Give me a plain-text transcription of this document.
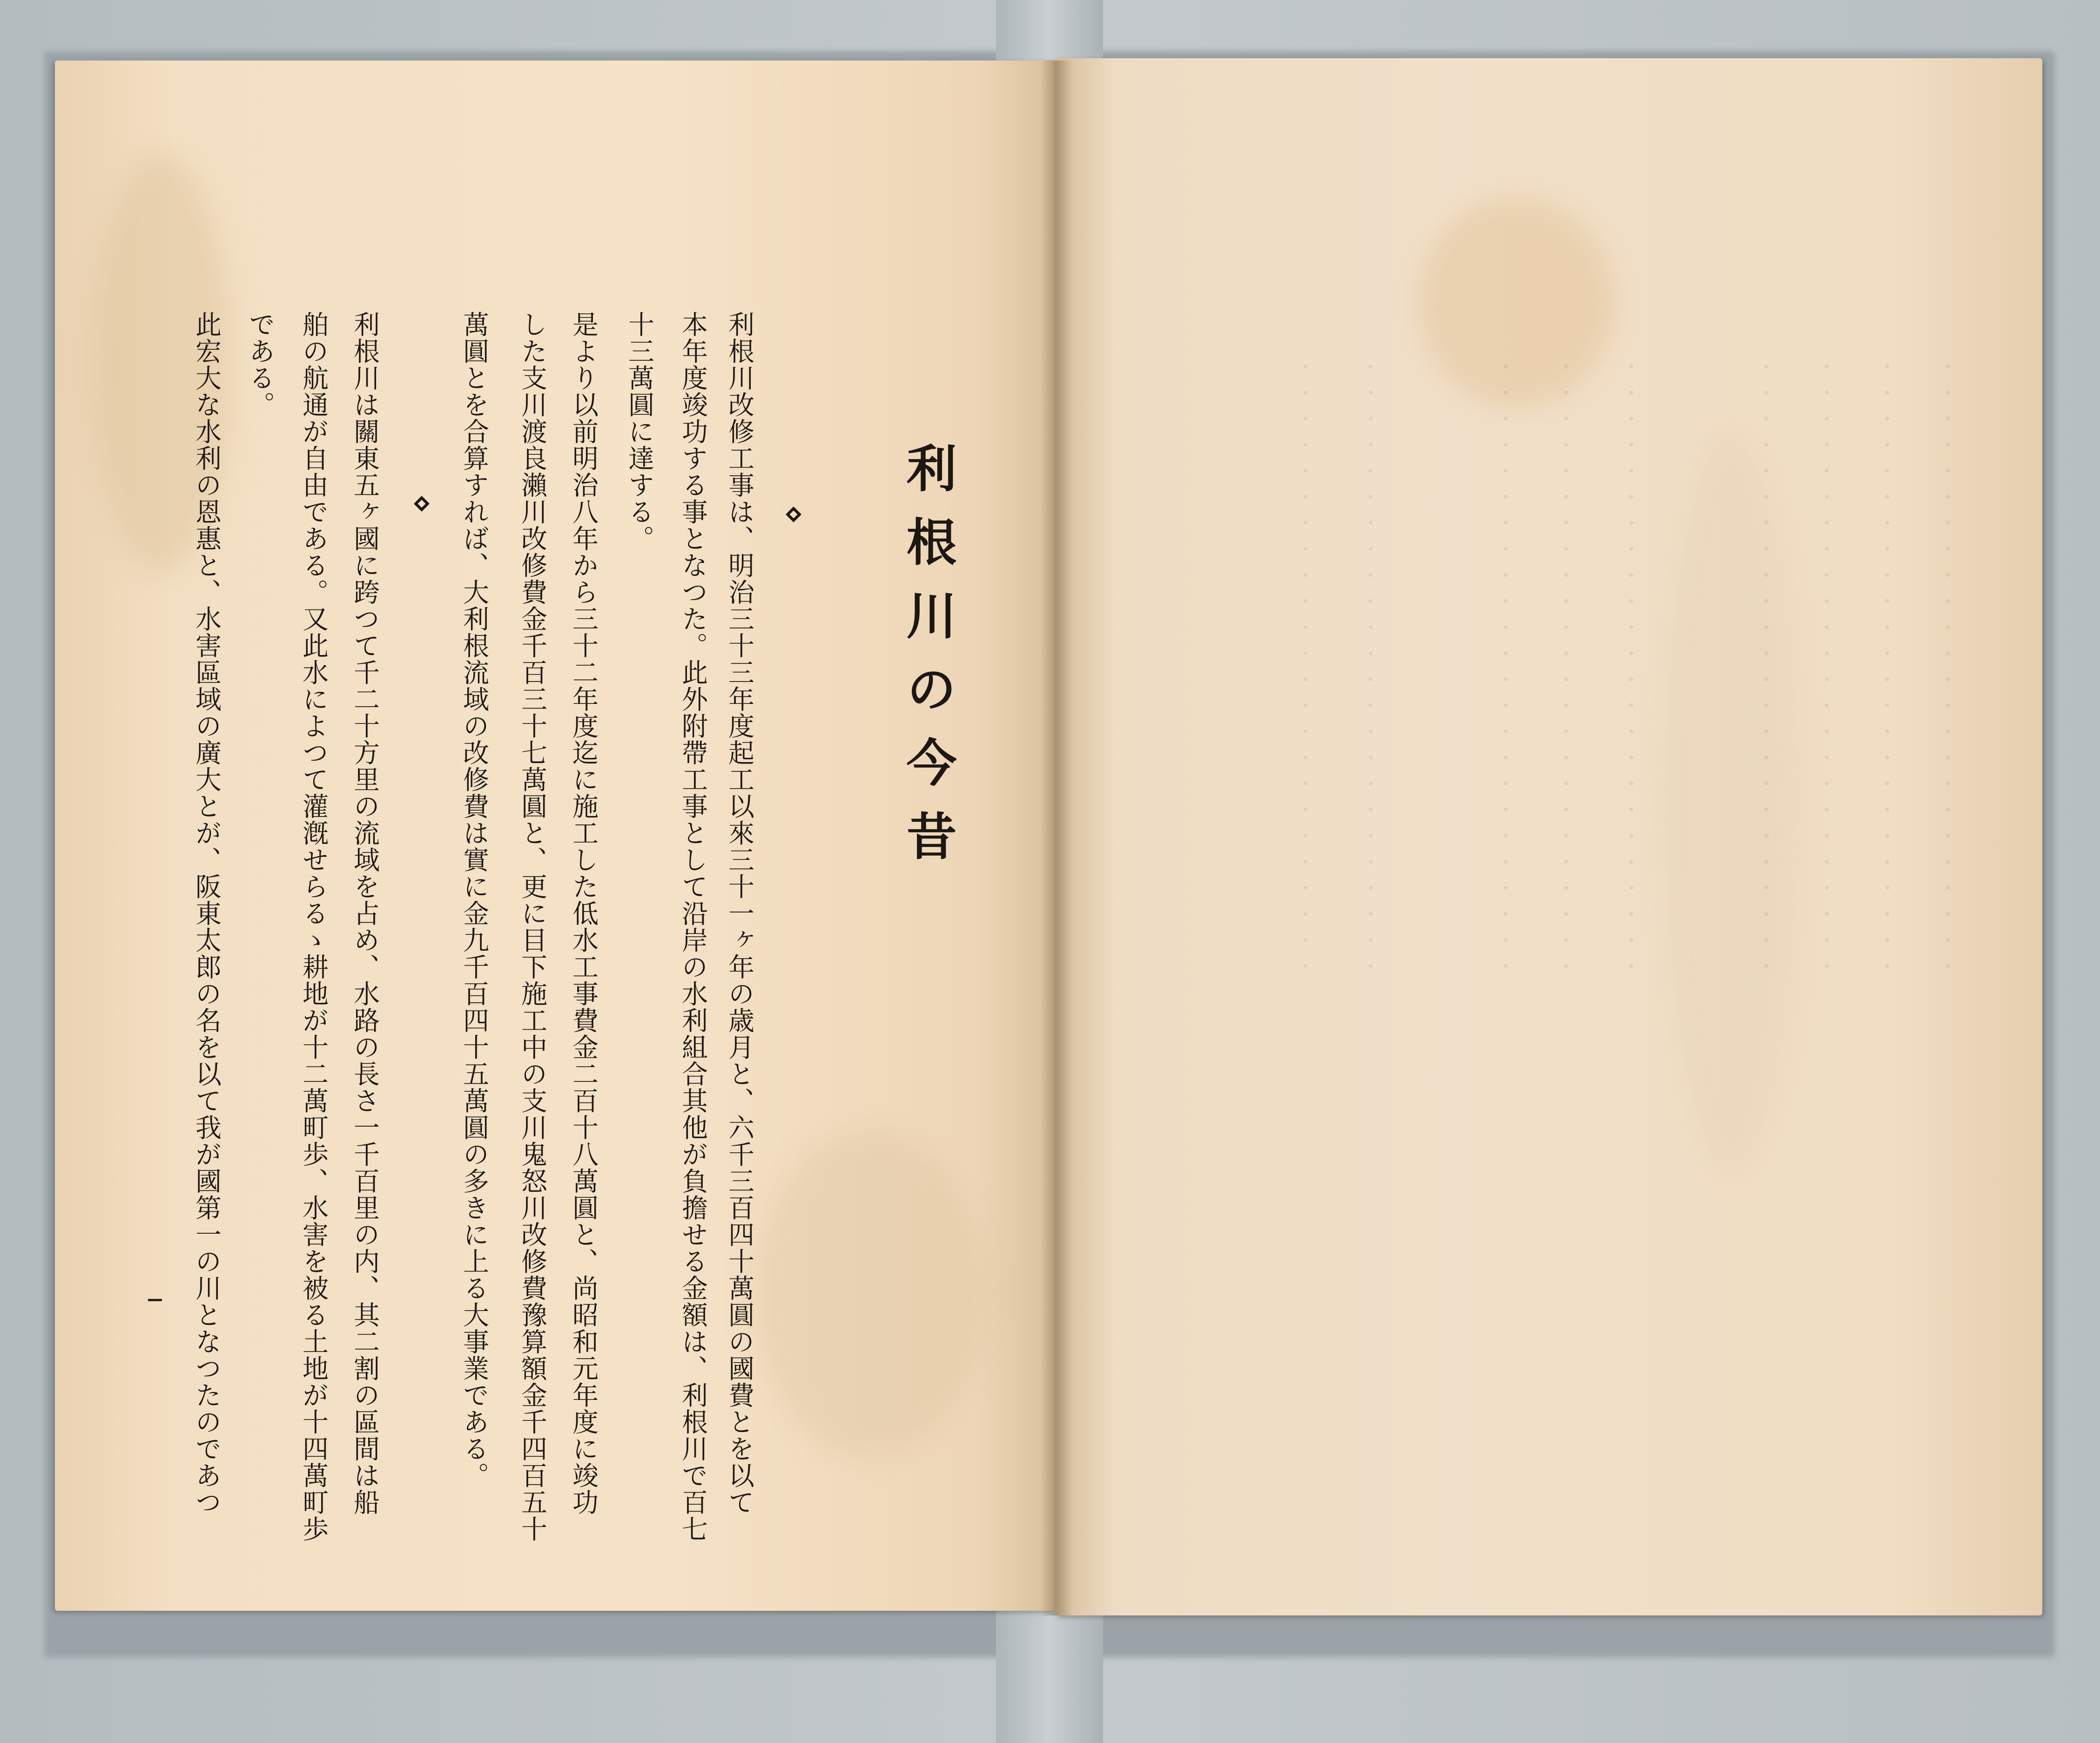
・・・・・・・・・・・・・・・・・・・・・・・・
・・・・・・・・・・・・・・・・・・・・・・・・
・・・・・・・・・・・・・・・・・・・・・・・・
・・・・・・・・・・・・・・・・・・・・・・・・
・・・・・・・・・・・・・・・・・・・・・・・・
・・・・・・・・・・・・・・・・・・・・・・・・
・・・・・・・・・・・・・・・・・・・・・・・・
・・・・・・・・・・・・・・・・・・・・・・・・
・・・・・・・・・・・・・・・・・・・・・・・・
利根川の今昔
利根川改修工事は、明治三十三年度起工以來三十一ヶ年の歳月と、六千三百四十萬圓の國費とを以て
本年度竣功する事となつた。此外附帶工事として沿岸の水利組合其他が負擔せる金額は、利根川で百七
十三萬圓に達する。
是より以前明治八年から三十二年度迄に施工した低水工事費金二百十八萬圓と、尚昭和元年度に竣功
した支川渡良瀨川改修費金千百三十七萬圓と、更に目下施工中の支川鬼怒川改修費豫算額金千四百五十
萬圓とを合算すれば、大利根流域の改修費は實に金九千百四十五萬圓の多きに上る大事業である。
利根川は關東五ヶ國に跨つて千二十方里の流域を占め、水路の長さ一千百里の内、其二割の區間は船
舶の航通が自由である。又此水によつて灌漑せらるゝ耕地が十二萬町歩、水害を被る土地が十四萬町歩
である。
此宏大な水利の恩惠と、水害區域の廣大とが、阪東太郎の名を以て我が國第一の川となつたのであつ
